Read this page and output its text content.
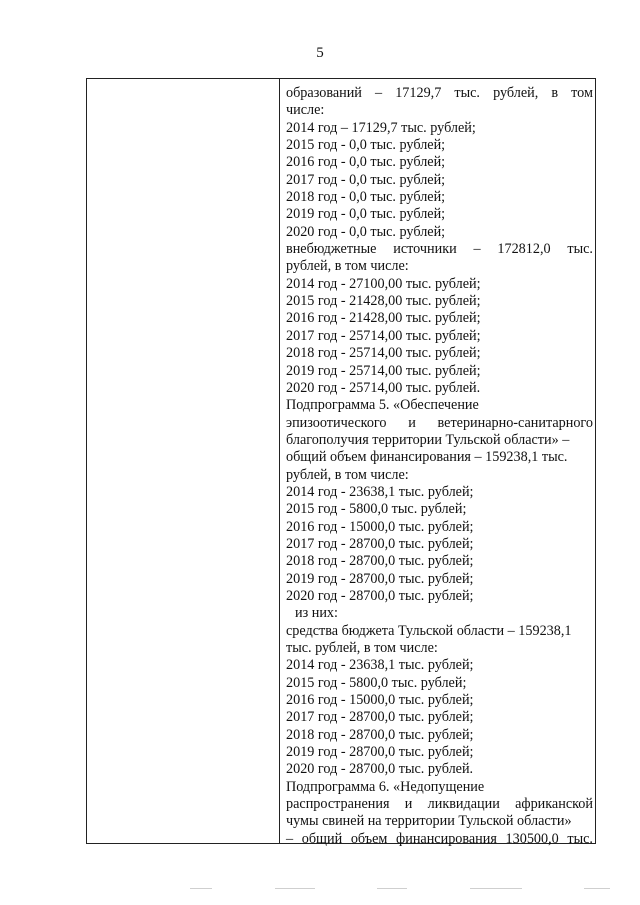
5
образований – 17129,7 тыс. рублей, в том
числе:
2014 год – 17129,7 тыс. рублей;
2015 год - 0,0 тыс. рублей;
2016 год - 0,0 тыс. рублей;
2017 год - 0,0 тыс. рублей;
2018 год - 0,0 тыс. рублей;
2019 год - 0,0 тыс. рублей;
2020 год - 0,0 тыс. рублей;
внебюджетные источники – 172812,0 тыс.
рублей, в том числе:
2014 год - 27100,00 тыс. рублей;
2015 год - 21428,00 тыс. рублей;
2016 год - 21428,00 тыс. рублей;
2017 год - 25714,00 тыс. рублей;
2018 год - 25714,00 тыс. рублей;
2019 год - 25714,00 тыс. рублей;
2020 год - 25714,00 тыс. рублей.
Подпрограмма 5. «Обеспечение
эпизоотического и ветеринарно-санитарного
благополучия территории Тульской области» –
общий объем финансирования – 159238,1 тыс.
рублей, в том числе:
2014 год - 23638,1 тыс. рублей;
2015 год - 5800,0 тыс. рублей;
2016 год - 15000,0 тыс. рублей;
2017 год - 28700,0 тыс. рублей;
2018 год - 28700,0 тыс. рублей;
2019 год - 28700,0 тыс. рублей;
2020 год - 28700,0 тыс. рублей;
из них:
средства бюджета Тульской области – 159238,1
тыс. рублей, в том числе:
2014 год - 23638,1 тыс. рублей;
2015 год - 5800,0 тыс. рублей;
2016 год - 15000,0 тыс. рублей;
2017 год - 28700,0 тыс. рублей;
2018 год - 28700,0 тыс. рублей;
2019 год - 28700,0 тыс. рублей;
2020 год - 28700,0 тыс. рублей.
Подпрограмма 6. «Недопущение
распространения и ликвидации африканской
чумы свиней на территории Тульской области»
– общий объем финансирования 130500,0 тыс.
